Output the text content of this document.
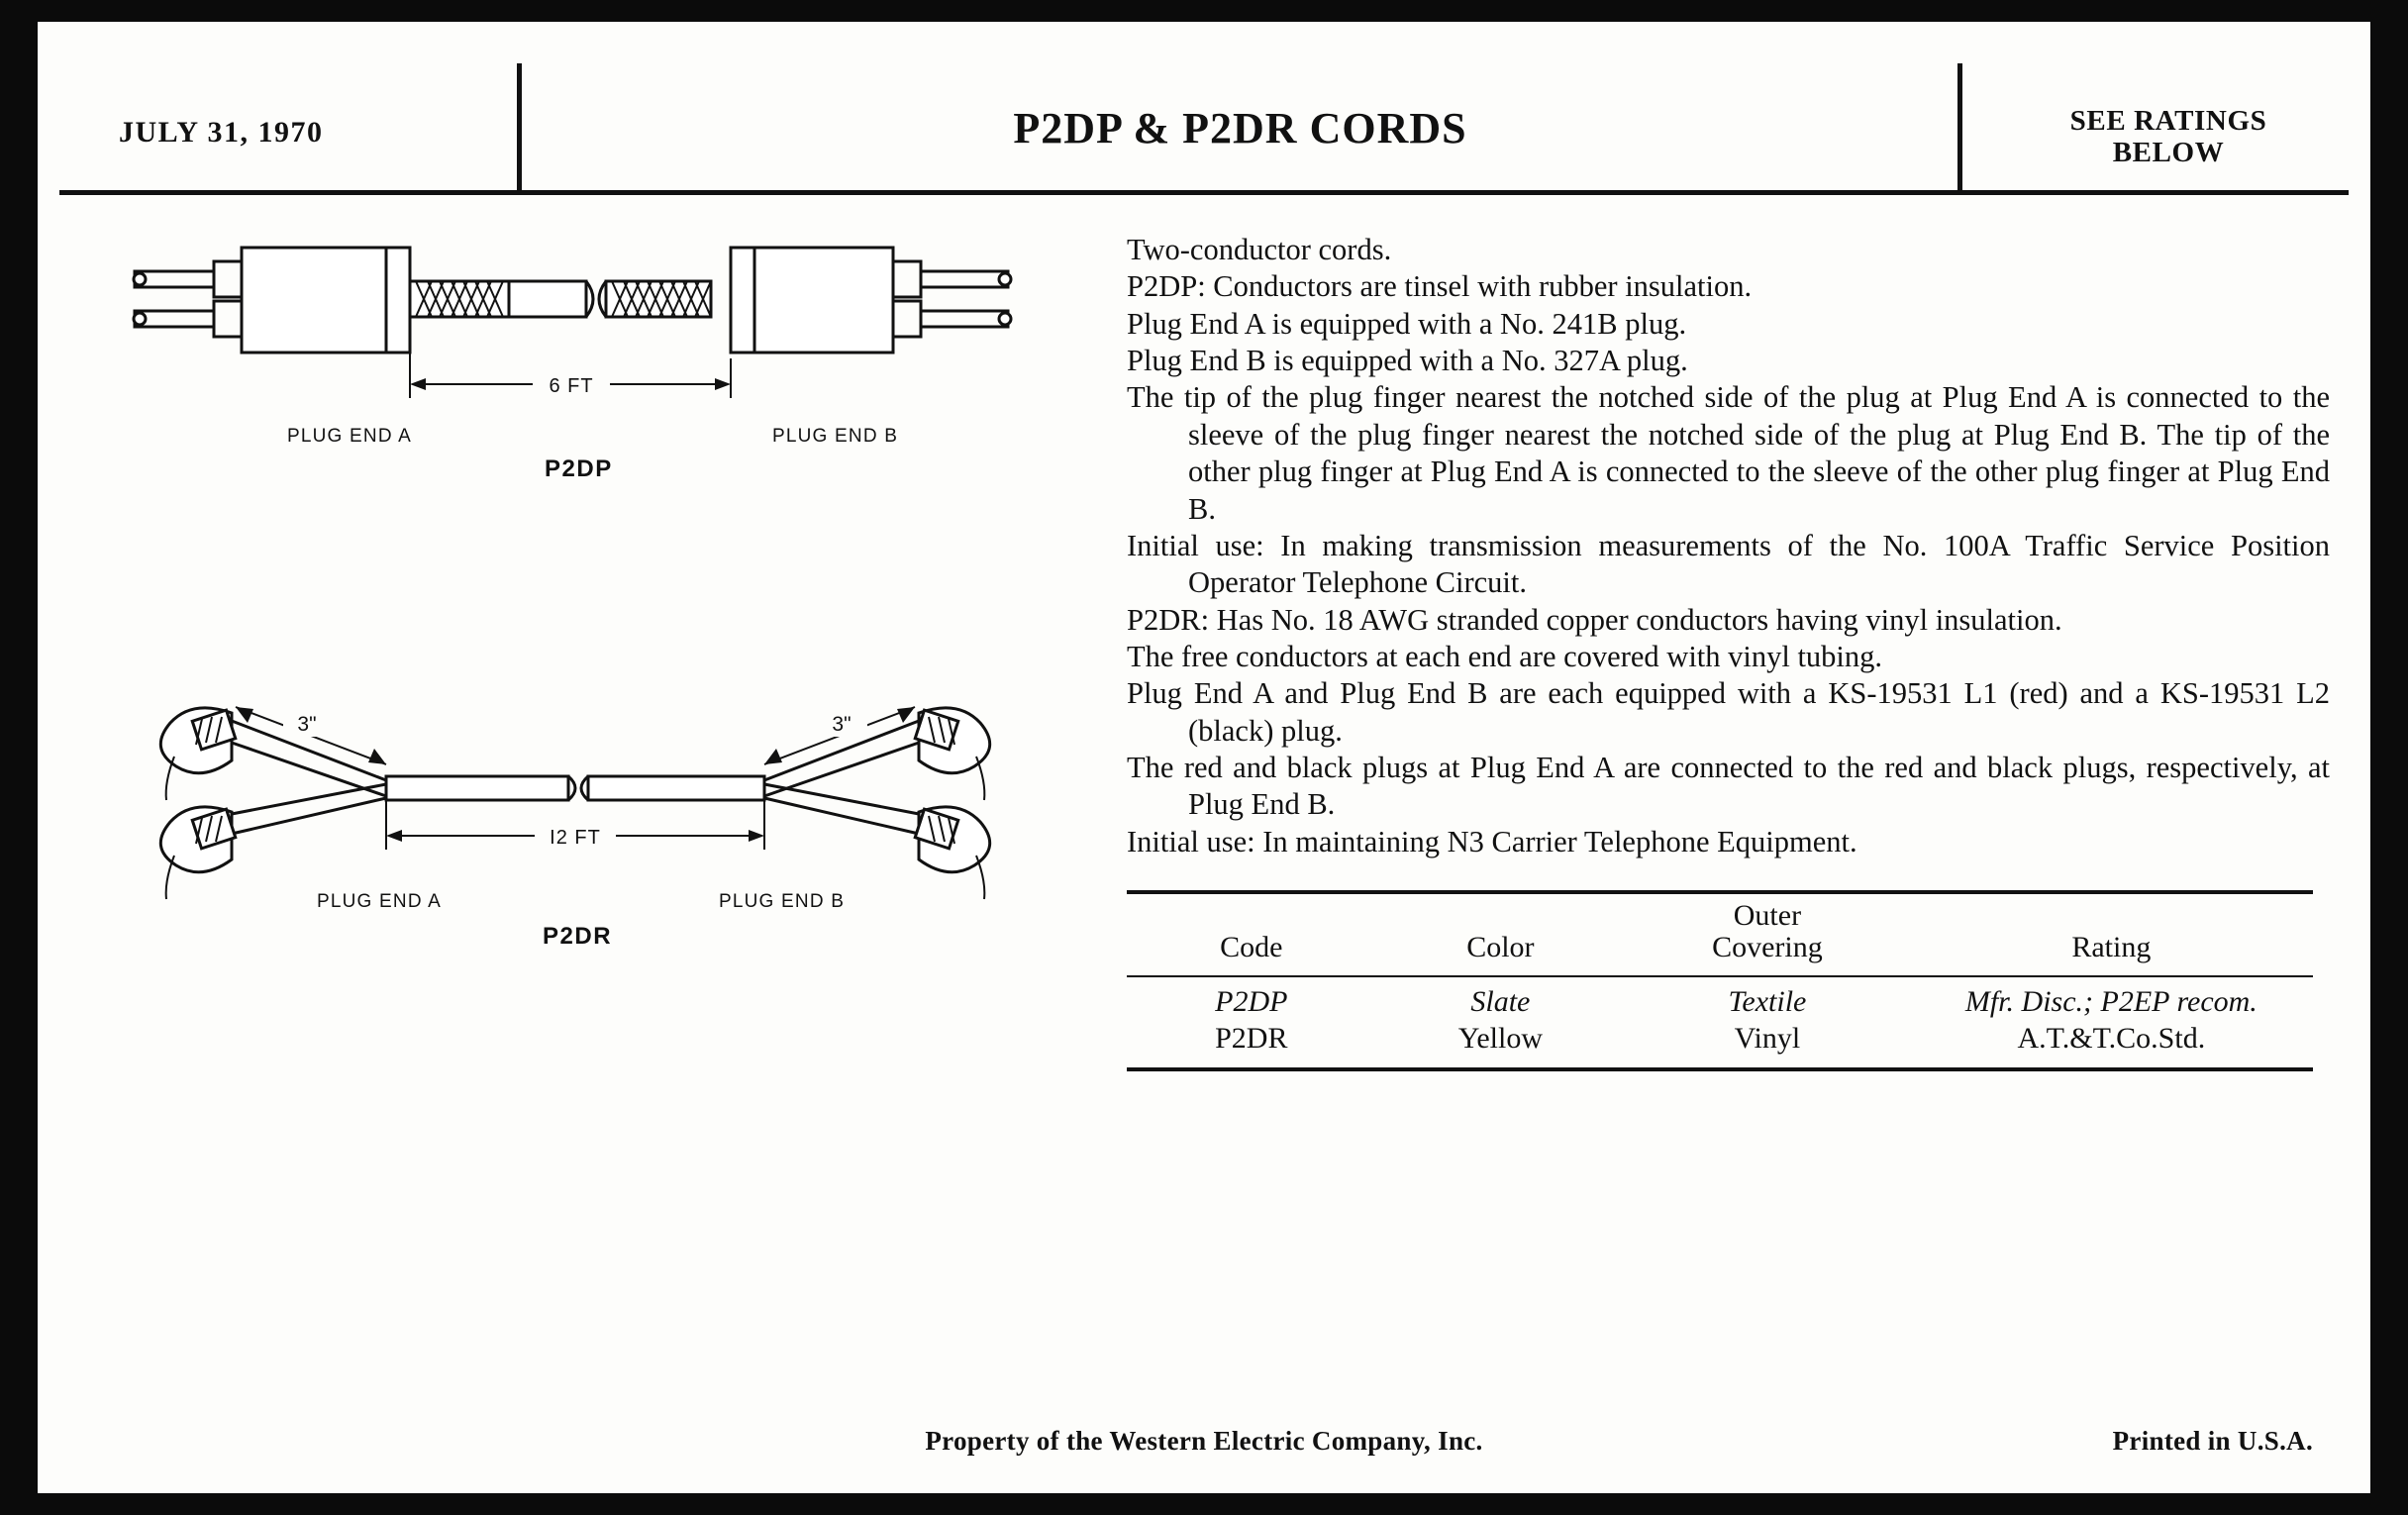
JULY 31, 1970	P2DP & P2DR CORDS	SEE RATINGS
BELOW
6 FT
PLUG END A	PLUG END B
P2DP
3"	3"
I2 FT
PLUG END A	PLUG END B
P2DR

Two-conductor cords.

P2DP: Conductors are tinsel with rubber insulation.

Plug End A is equipped with a No. 241B plug.

Plug End B is equipped with a No. 327A plug.

The tip of the plug finger nearest the notched side of the plug at Plug End A is connected to the sleeve of the plug finger nearest the notched side of the plug at Plug End B. The tip of the other plug finger at Plug End A is connected to the sleeve of the other plug finger at Plug End B.

Initial use: In making transmission measurements of the No. 100A Traffic Service Position Operator Telephone Circuit.

P2DR: Has No. 18 AWG stranded copper conductors having vinyl insulation.

The free conductors at each end are covered with vinyl tubing.

Plug End A and Plug End B are each equipped with a KS-19531 L1 (red) and a KS-19531 L2 (black) plug.

The red and black plugs at Plug End A are connected to the red and black plugs, respectively, at Plug End B.

Initial use: In maintaining N3 Carrier Telephone Equipment.

Code	Color	
Outer
Covering	Rating
P2DP	Slate	Textile	Mfr. Disc.; P2EP recom.
P2DR	Yellow	Vinyl	A.T.&T.Co.Std.
Property of the Western Electric Company, Inc.	Printed in U.S.A.
